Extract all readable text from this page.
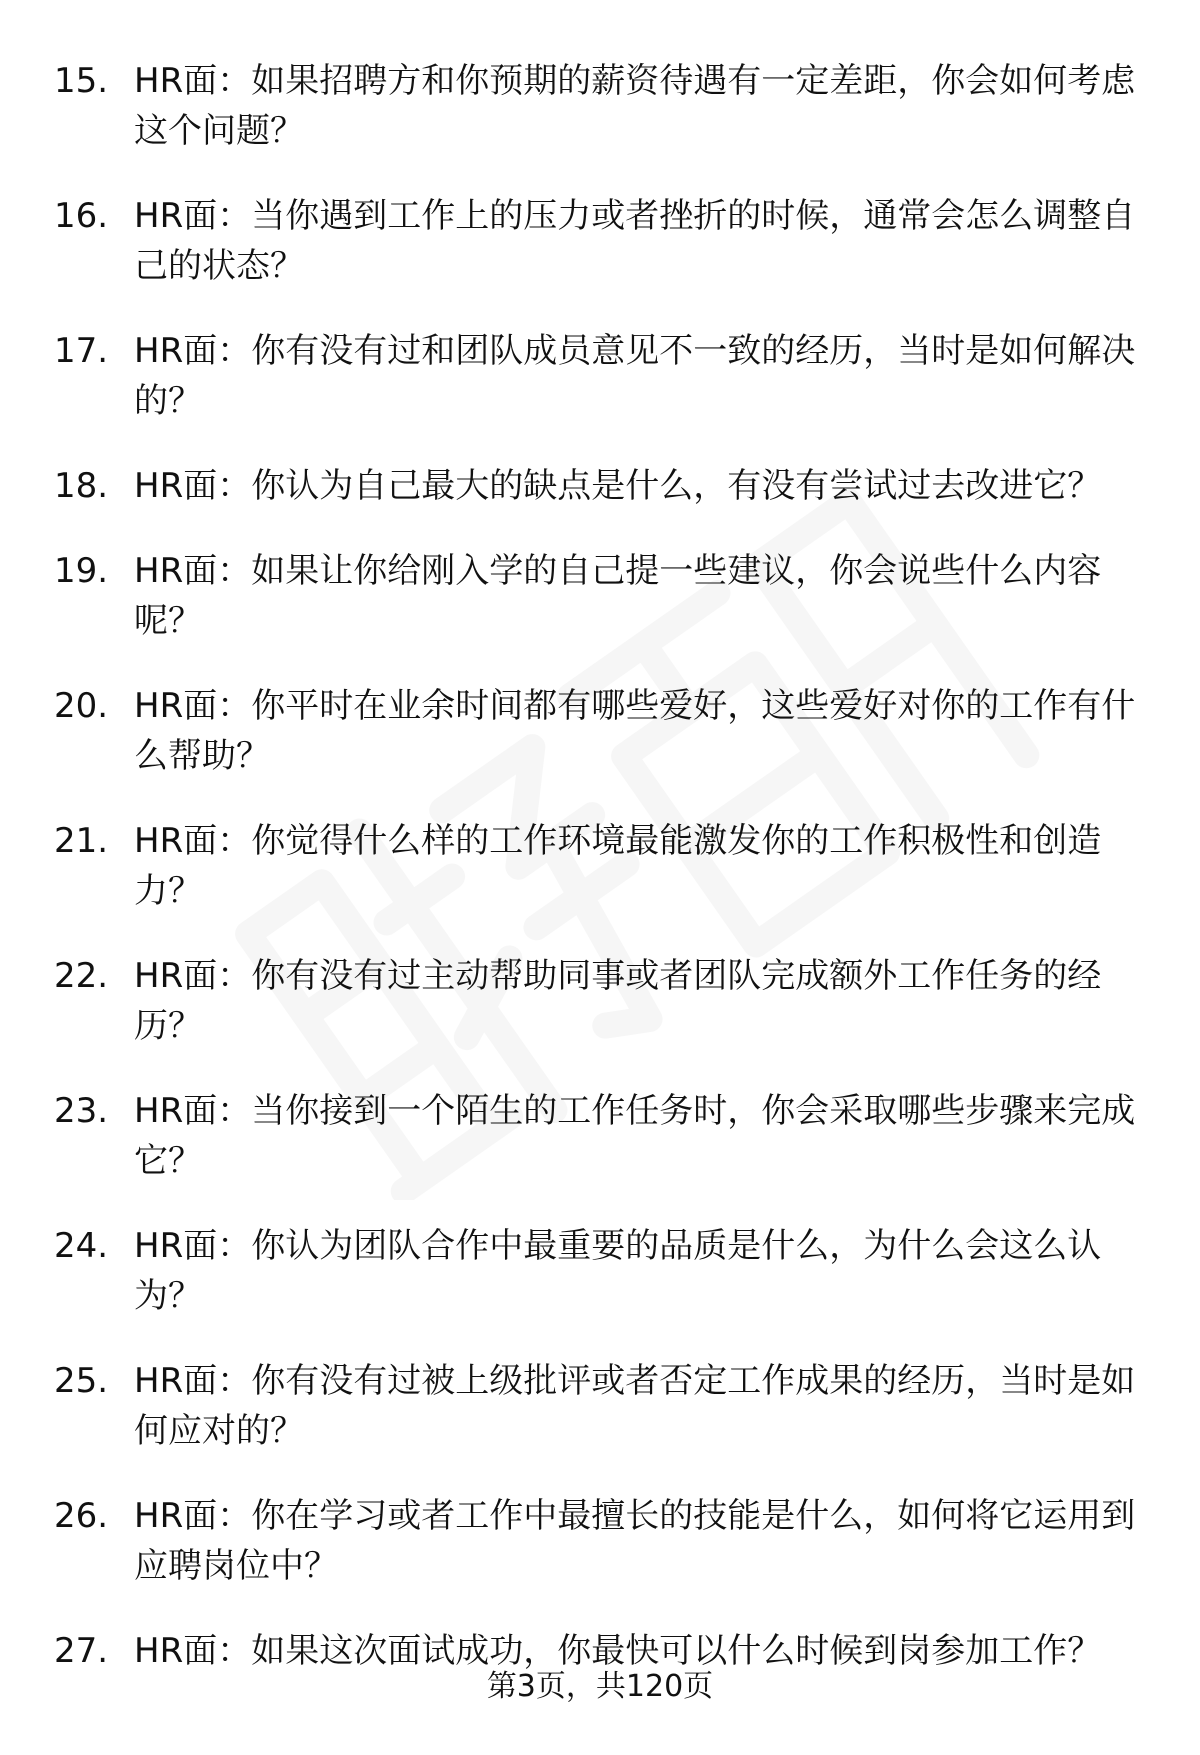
15. HR面：如果招聘方和你预期的薪资待遇有一定差距，你会如何考虑这个问题？
16. HR面：当你遇到工作上的压力或者挫折的时候，通常会怎么调整自己的状态？
17. HR面：你有没有过和团队成员意见不一致的经历，当时是如何解决的？
18. HR面：你认为自己最大的缺点是什么，有没有尝试过去改进它？
19. HR面：如果让你给刚入学的自己提一些建议，你会说些什么内容呢？
20. HR面：你平时在业余时间都有哪些爱好，这些爱好对你的工作有什么帮助？
21. HR面：你觉得什么样的工作环境最能激发你的工作积极性和创造力？
22. HR面：你有没有过主动帮助同事或者团队完成额外工作任务的经历？
23. HR面：当你接到一个陌生的工作任务时，你会采取哪些步骤来完成它？
24. HR面：你认为团队合作中最重要的品质是什么，为什么会这么认为？
25. HR面：你有没有过被上级批评或者否定工作成果的经历，当时是如何应对的？
26. HR面：你在学习或者工作中最擅长的技能是什么，如何将它运用到应聘岗位中？
27. HR面：如果这次面试成功，你最快可以什么时候到岗参加工作？
第3页，共120页
